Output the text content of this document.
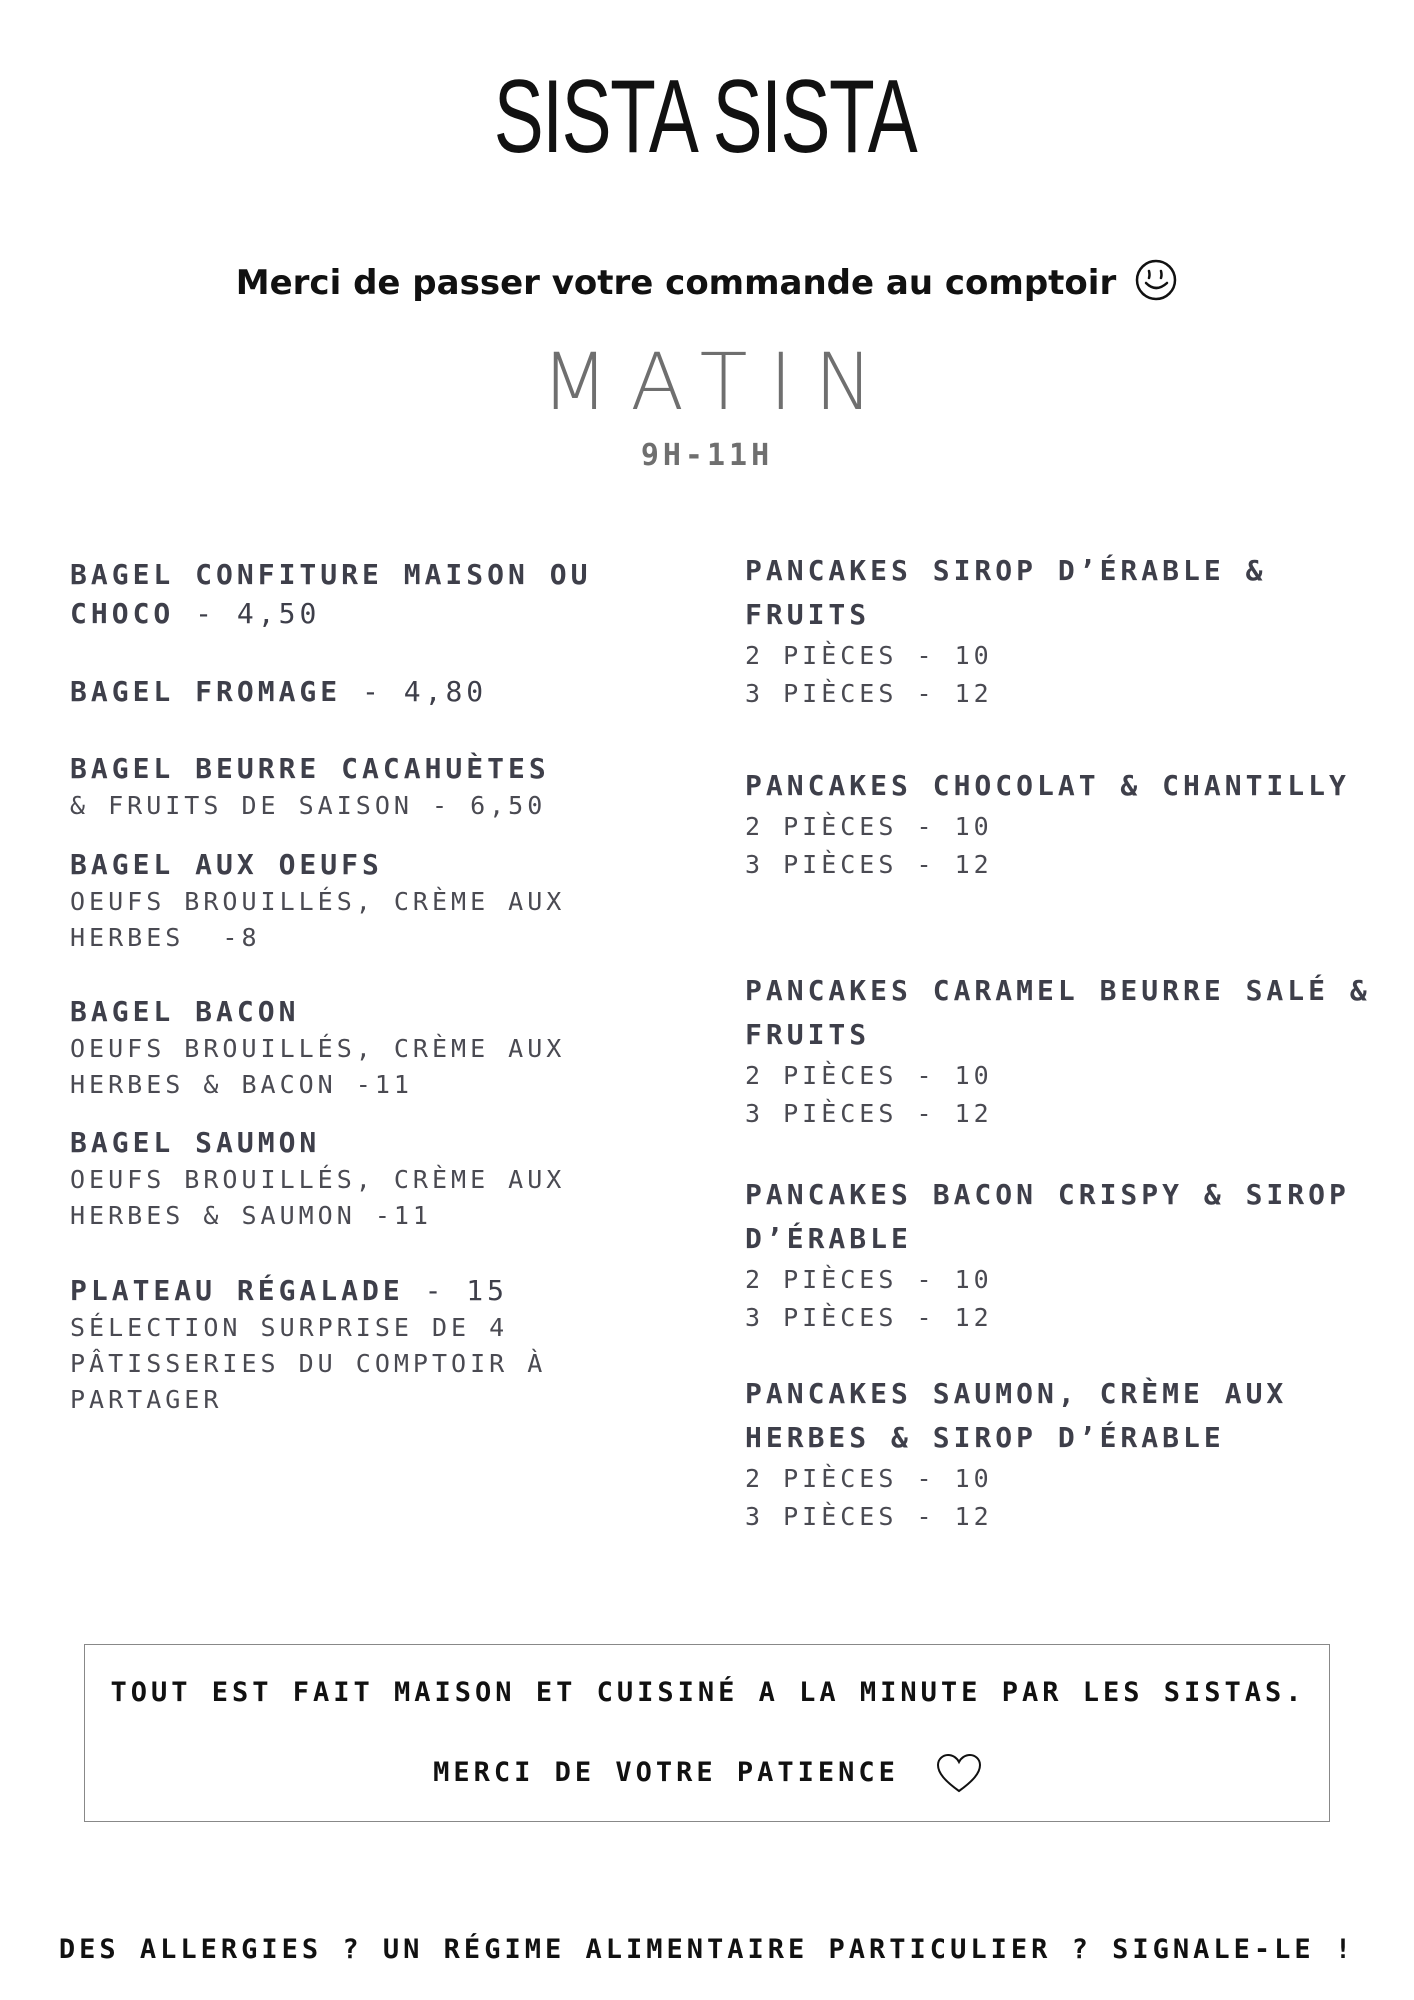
SISTA SISTA
Merci de passer votre commande au comptoir
MATIN
9H-11H
BAGEL CONFITURE MAISON OU CHOCO - 4,50
BAGEL FROMAGE - 4,80
BAGEL BEURRE CACAHUÈTES
& FRUITS DE SAISON - 6,50
BAGEL AUX OEUFS
OEUFS BROUILLÉS, CRÈME AUX HERBES  -8
BAGEL BACON
OEUFS BROUILLÉS, CRÈME AUX HERBES & BACON -11
BAGEL SAUMON
OEUFS BROUILLÉS, CRÈME AUX HERBES & SAUMON -11
PLATEAU RÉGALADE - 15
SÉLECTION SURPRISE DE 4 PÂTISSERIES DU COMPTOIR À PARTAGER
PANCAKES SIROP D’ÉRABLE & FRUITS
2 PIÈCES - 10
3 PIÈCES - 12
PANCAKES CHOCOLAT & CHANTILLY
2 PIÈCES - 10
3 PIÈCES - 12
PANCAKES CARAMEL BEURRE SALÉ & FRUITS
2 PIÈCES - 10
3 PIÈCES - 12
PANCAKES BACON CRISPY & SIROP D’ÉRABLE
2 PIÈCES - 10
3 PIÈCES - 12
PANCAKES SAUMON, CRÈME AUX HERBES & SIROP D’ÉRABLE
2 PIÈCES - 10
3 PIÈCES - 12
TOUT EST FAIT MAISON ET CUISINÉ A LA MINUTE PAR LES SISTAS.
MERCI DE VOTRE PATIENCE
DES ALLERGIES ? UN RÉGIME ALIMENTAIRE PARTICULIER ? SIGNALE-LE !
